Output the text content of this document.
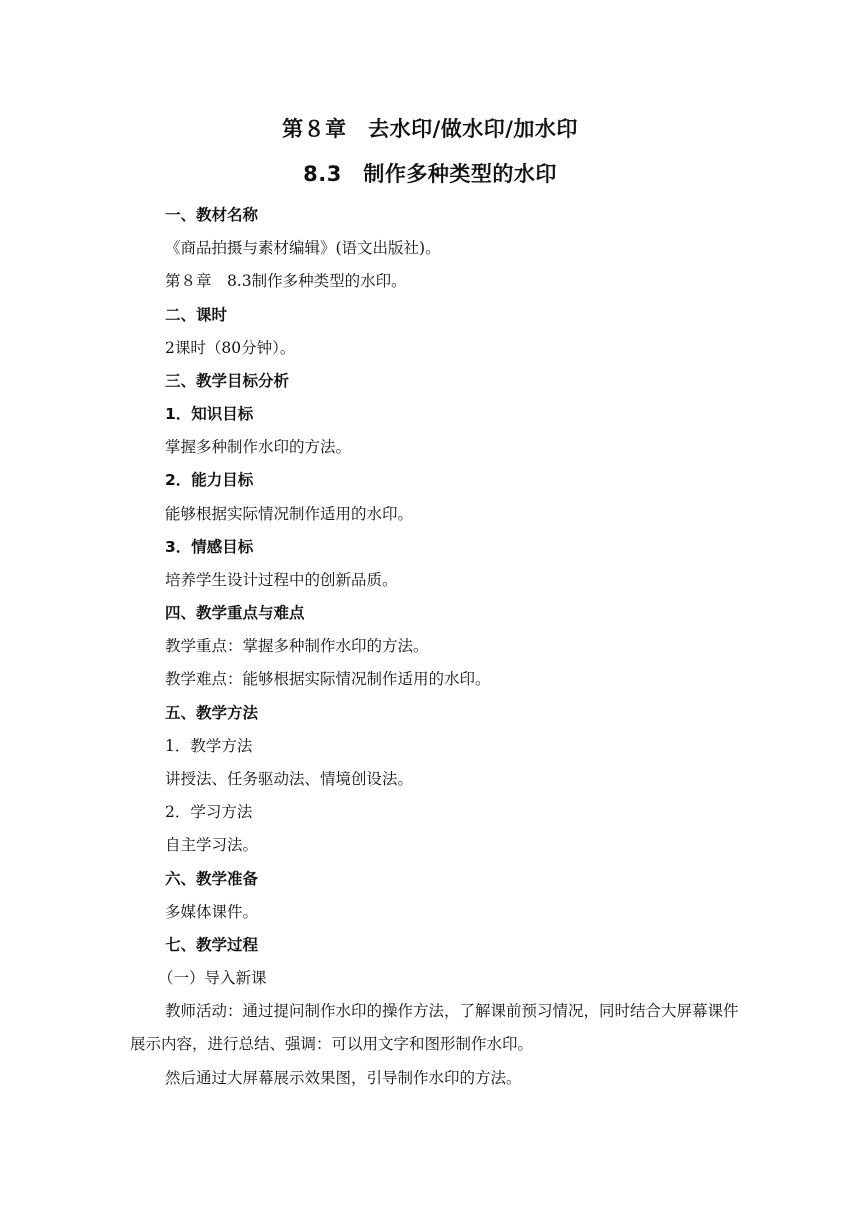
第８章　去水印/做水印/加水印
8.3　制作多种类型的水印
一、教材名称
《商品拍摄与素材编辑》(语文出版社)。
第８章　8.3制作多种类型的水印。
二、课时
2课时（80分钟）。
三、教学目标分析
1．知识目标
掌握多种制作水印的方法。
2．能力目标
能够根据实际情况制作适用的水印。
3．情感目标
培养学生设计过程中的创新品质。
四、教学重点与难点
教学重点：掌握多种制作水印的方法。
教学难点：能够根据实际情况制作适用的水印。
五、教学方法
1．教学方法
讲授法、任务驱动法、情境创设法。
2．学习方法
自主学习法。
六、教学准备
多媒体课件。
七、教学过程
（一）导入新课
教师活动：通过提问制作水印的操作方法，了解课前预习情况，同时结合大屏幕课件展示内容，进行总结、强调：可以用文字和图形制作水印。
然后通过大屏幕展示效果图，引导制作水印的方法。
